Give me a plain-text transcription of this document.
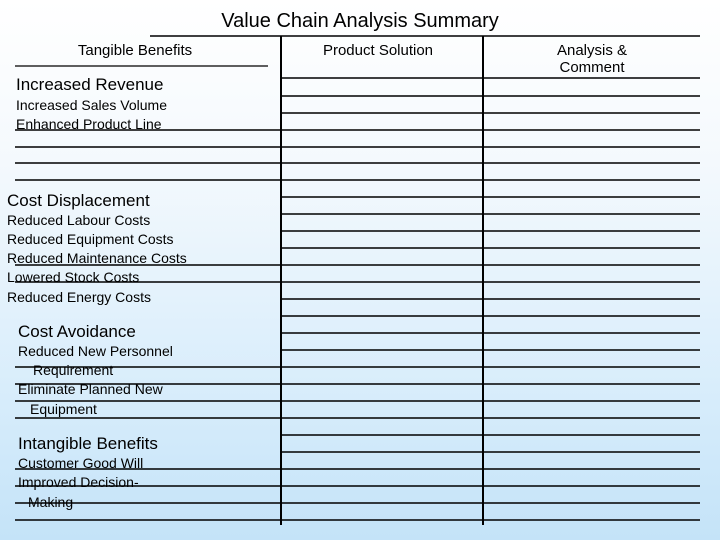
Value Chain Analysis Summary
Tangible Benefits	Product Solution	Analysis & Comment
Increased Revenue
Increased Sales Volume
Enhanced Product Line
Cost Displacement
Reduced Labour Costs
Reduced Equipment Costs
Reduced Maintenance Costs
Lowered Stock Costs
Reduced Energy Costs
Cost Avoidance
Reduced New Personnel
Requirement
Eliminate Planned New
Equipment
Intangible Benefits
Customer Good Will
Improved Decision-
Making
